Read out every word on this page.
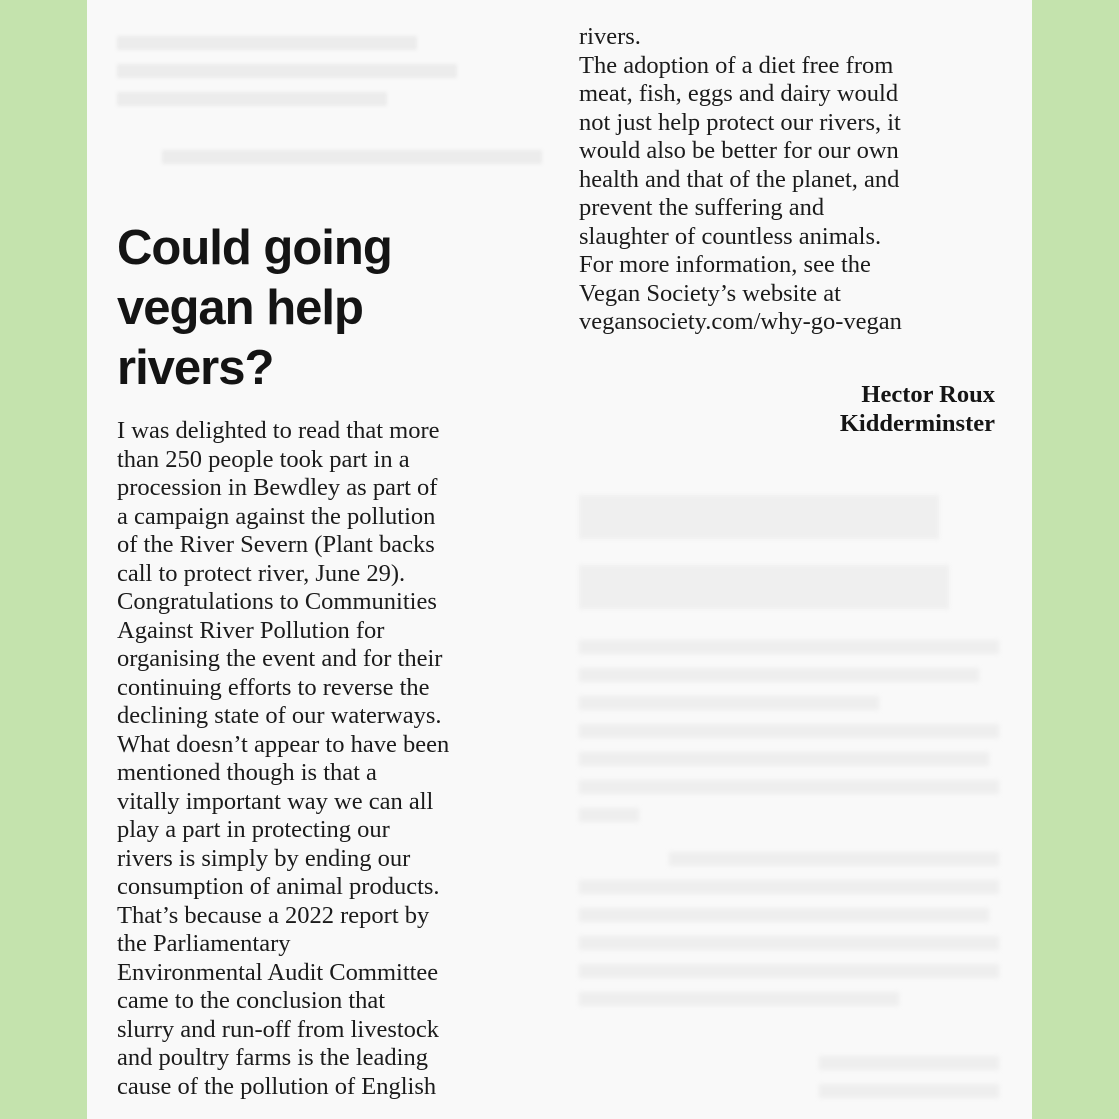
Could going
vegan help
rivers?
I was delighted to read that more
than 250 people took part in a
procession in Bewdley as part of
a campaign against the pollution
of the River Severn (Plant backs
call to protect river, June 29).
Congratulations to Communities
Against River Pollution for
organising the event and for their
continuing efforts to reverse the
declining state of our waterways.
What doesn’t appear to have been
mentioned though is that a
vitally important way we can all
play a part in protecting our
rivers is simply by ending our
consumption of animal products.
That’s because a 2022 report by
the Parliamentary
Environmental Audit Committee
came to the conclusion that
slurry and run-off from livestock
and poultry farms is the leading
cause of the pollution of English
rivers.
The adoption of a diet free from
meat, fish, eggs and dairy would
not just help protect our rivers, it
would also be better for our own
health and that of the planet, and
prevent the suffering and
slaughter of countless animals.
For more information, see the
Vegan Society’s website at
vegansociety.com/why-go-vegan
Hector Roux
Kidderminster
